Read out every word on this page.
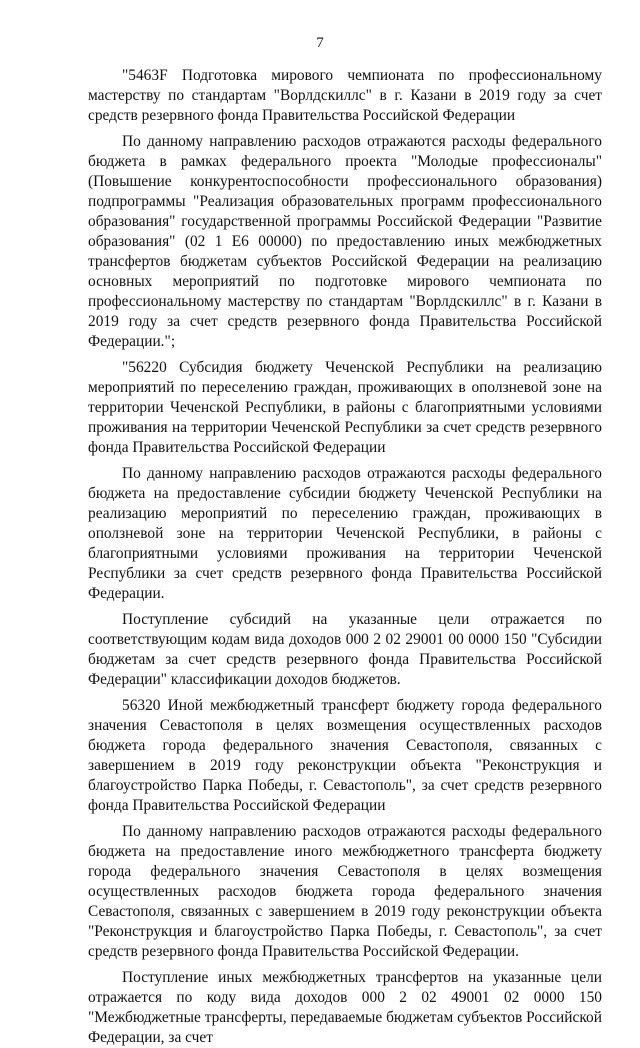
7

"5463F Подготовка мирового чемпионата по профессиональному мастерству по стандартам "Ворлдскиллс" в г. Казани в 2019 году за счет средств резервного фонда Правительства Российской Федерации

По данному направлению расходов отражаются расходы федерального бюджета в рамках федерального проекта "Молодые профессионалы" (Повышение конкурентоспособности профессионального образования) подпрограммы "Реализация образовательных программ профессионального образования" государственной программы Российской Федерации "Развитие образования" (02 1 E6 00000) по предоставлению иных межбюджетных трансфертов бюджетам субъектов Российской Федерации на реализацию основных мероприятий по подготовке мирового чемпионата по профессиональному мастерству по стандартам "Ворлдскиллс" в г. Казани в 2019 году за счет средств резервного фонда Правительства Российской Федерации.";

"56220 Субсидия бюджету Чеченской Республики на реализацию мероприятий по переселению граждан, проживающих в оползневой зоне на территории Чеченской Республики, в районы с благоприятными условиями проживания на территории Чеченской Республики за счет средств резервного фонда Правительства Российской Федерации

По данному направлению расходов отражаются расходы федерального бюджета на предоставление субсидии бюджету Чеченской Республики на реализацию мероприятий по переселению граждан, проживающих в оползневой зоне на территории Чеченской Республики, в районы с благоприятными условиями проживания на территории Чеченской Республики за счет средств резервного фонда Правительства Российской Федерации.

Поступление субсидий на указанные цели отражается по соответствующим кодам вида доходов 000 2 02 29001 00 0000 150 "Субсидии бюджетам за счет средств резервного фонда Правительства Российской Федерации" классификации доходов бюджетов.

56320 Иной межбюджетный трансферт бюджету города федерального значения Севастополя в целях возмещения осуществленных расходов бюджета города федерального значения Севастополя, связанных с завершением в 2019 году реконструкции объекта "Реконструкция и благоустройство Парка Победы, г. Севастополь", за счет средств резервного фонда Правительства Российской Федерации

По данному направлению расходов отражаются расходы федерального бюджета на предоставление иного межбюджетного трансферта бюджету города федерального значения Севастополя в целях возмещения осуществленных расходов бюджета города федерального значения Севастополя, связанных с завершением в 2019 году реконструкции объекта "Реконструкция и благоустройство Парка Победы, г. Севастополь", за счет средств резервного фонда Правительства Российской Федерации.

Поступление иных межбюджетных трансфертов на указанные цели отражается по коду вида доходов 000 2 02 49001 02 0000 150 "Межбюджетные трансферты, передаваемые бюджетам субъектов Российской Федерации, за счет
